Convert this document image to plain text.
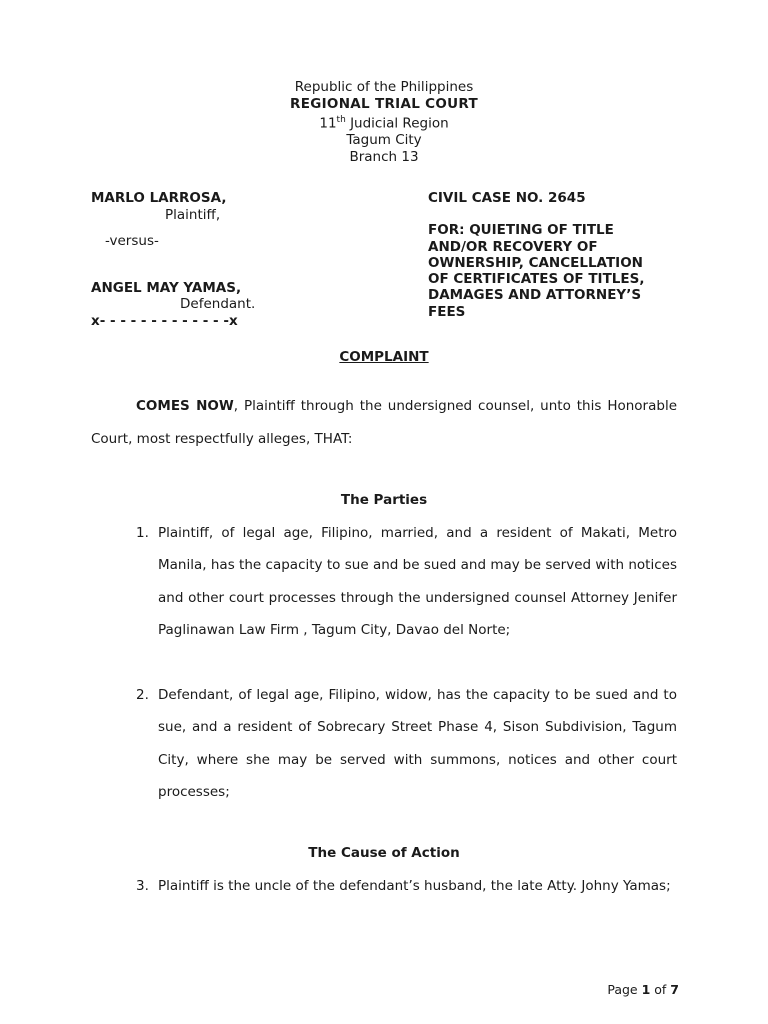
Republic of the Philippines
REGIONAL TRIAL COURT
11th Judicial Region
Tagum City
Branch 13
MARLO LARROSA,
Plaintiff,
-versus-
ANGEL MAY YAMAS,
Defendant.
x- - - - - - - - - - - - -x
CIVIL CASE NO. 2645
FOR: QUIETING OF TITLE
AND/OR RECOVERY OF
OWNERSHIP, CANCELLATION
OF CERTIFICATES OF TITLES,
DAMAGES AND ATTORNEY’S
FEES
COMPLAINT
COMES NOW, Plaintiff through the undersigned counsel, unto this Honorable Court, most respectfully alleges, THAT:
The Parties
1. Plaintiff, of legal age, Filipino, married, and a resident of Makati, Metro Manila, has the capacity to sue and be sued and may be served with notices and other court processes through the undersigned counsel Attorney Jenifer Paglinawan Law Firm , Tagum City, Davao del Norte;
2. Defendant, of legal age, Filipino, widow, has the capacity to be sued and to sue, and a resident of Sobrecary Street Phase 4, Sison Subdivision, Tagum City, where she may be served with summons, notices and other court processes;
The Cause of Action
3. Plaintiff is the uncle of the defendant’s husband, the late Atty. Johny Yamas;
Page 1 of 7
